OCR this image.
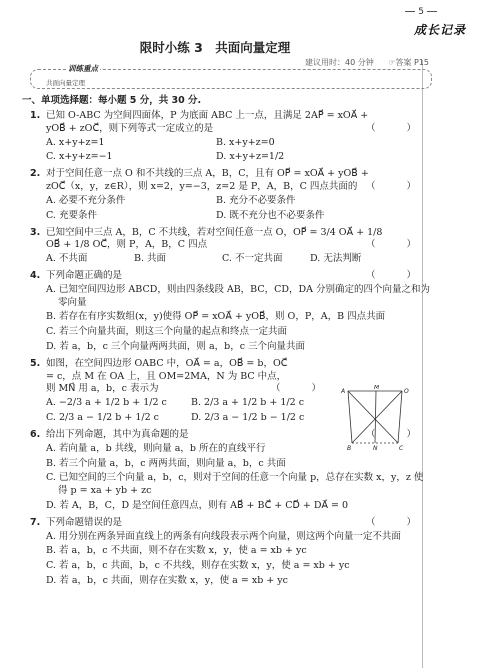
5
成长记录
限时小练 3　共面向量定理
建议用时：40 分钟 ☞答案 P15
训练重点
共面向量定理
一、单项选择题：每小题 5 分，共 30 分.
1. 已知 O-ABC 为空间四面体，P 为底面 ABC 上一点，且满足 2AP⃗ = xOA⃗ + yOB⃗ + zOC⃗，则下列等式一定成立的是	（ ）
A. x+y+z=1	B. x+y+z=0
C. x+y+z=−1	D. x+y+z=1/2
2. 对于空间任意一点 O 和不共线的三点 A，B，C，且有 OP⃗ = xOA⃗ + yOB⃗ + zOC⃗（x，y，z∈R），则 x=2，y=−3，z=2 是 P，A，B，C 四点共面的 （ ）
A. 必要不充分条件	B. 充分不必要条件
C. 充要条件	D. 既不充分也不必要条件
3. 已知空间中三点 A，B，C 不共线，若对空间任意一点 O，OP⃗ = 3/4 OA⃗ + 1/8 OB⃗ + 1/8 OC⃗，则 P，A，B，C 四点	（ ）
A. 不共面	B. 共面	C. 不一定共面	D. 无法判断
4. 下列命题正确的是	（ ）
A. 已知空间四边形 ABCD，则由四条线段 AB，BC，CD，DA 分别确定的四个向量之和为零向量
B. 若存在有序实数组(x，y)使得 OP⃗ = xOA⃗ + yOB⃗，则 O，P，A，B 四点共面
C. 若三个向量共面，则这三个向量的起点和终点一定共面
D. 若 a，b，c 三个向量两两共面，则 a，b，c 三个向量共面
5. 如图，在空间四边形 OABC 中，OA⃗ = a，OB⃗ = b，OC⃗ = c，点 M 在 OA 上，且 OM=2MA，N 为 BC 中点，则 MN⃗ 用 a，b，c 表示为	（ ）
A. −2/3 a + 1/2 b + 1/2 c	B. 2/3 a + 1/2 b + 1/2 c
C. 2/3 a − 1/2 b + 1/2 c	D. 2/3 a − 1/2 b − 1/2 c
6. 给出下列命题，其中为真命题的是	（ ）
A. 若向量 a，b 共线，则向量 a，b 所在的直线平行
B. 若三个向量 a，b，c 两两共面，则向量 a，b，c 共面
C. 已知空间的三个向量 a，b，c，则对于空间的任意一个向量 p，总存在实数 x，y，z 使得 p = xa + yb + zc
D. 若 A，B，C，D 是空间任意四点，则有 AB⃗ + BC⃗ + CD⃗ + DA⃗ = 0
7. 下列命题错误的是	（ ）
A. 用分别在两条异面直线上的两条有向线段表示两个向量，则这两个向量一定不共面
B. 若 a，b，c 不共面，则不存在实数 x，y，使 a = xb + yc
C. 若 a，b，c 共面，b，c 不共线，则存在实数 x，y，使 a = xb + yc
D. 若 a，b，c 共面，则存在实数 x，y，使 a = xb + yc
A
M
O
B	N	C
